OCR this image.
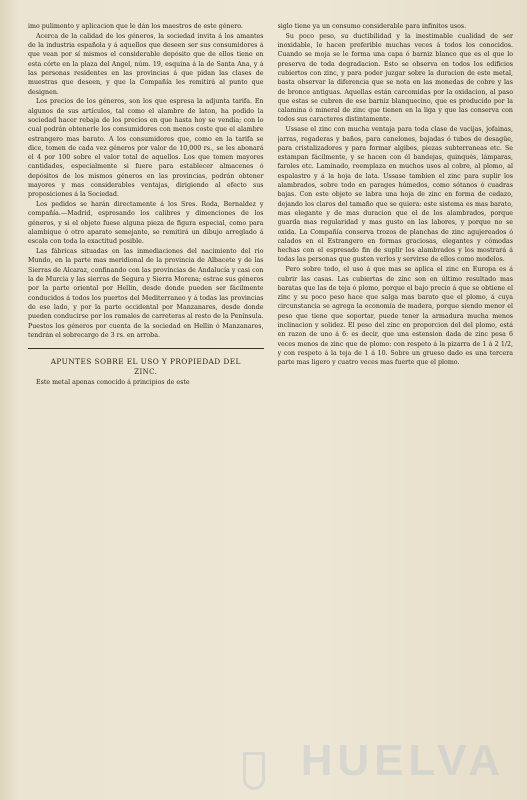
imo pulimento y aplicacion que le dán los maestros de este género.

Acerca de la calidad de los géneros, la sociedad invita á los amantes de la industria española y á aquellos que deseen ser sus consumidores á que vean por sí mismos el considerable depósito que de ellos tiene en esta córte en la plaza del Angel, núm. 19, esquina á la de Santa Ana, y á las personas residentes en las provincias á que pidan las clases de muestras que deseen, y que la Compañía les remitirá al punto que designen.

Los precios de los géneros, son los que espresa la adjunta tarifa. En algunos de sus artículos, tal como el alambre de laton, ha podido la sociedad hacer rebaja de los precios en que hasta hoy se vendía; con lo cual podrán obtenerle los consumidores con menos coste que el alambre estrangero mas barato. A los consumidores que, como en la tarifa se dice, tomen de cada vez géneros por valor de 10,000 rs., se les abonará el 4 por 100 sobre el valor total de aquellos. Los que tomen mayores cantidades, especialmente si fuere para establecer almacenes ó depósitos de los mismos géneros en las provincias, podrán obtener mayores y mas considerables ventajas, dirigiendo al efecto sus proposiciones á la Sociedad.

Los pedidos se harán directamente á los Sres. Roda, Bernaldez y compañía.—Madrid, espresando los calibres y dimenciones de los géneros, y si el objeto fuese alguna pieza de figura especial, como para alambique ó otro aparato semejante, se remitirá un dibujo arreglado á escala con toda la exactitud posible.

Las fábricas situadas en las inmediaciones del nacimiento del rio Mundo, en la parte mas meridional de la provincia de Albacete y de las Sierras de Alcaraz, confinando con las provincias de Andalucía y casi con la de Murcia y las sierras de Segura y Sierra Morena; estrae sus géneros por la parte oriental por Hellin, desde donde pueden ser fácilmente conducidos á todos los puertos del Mediterraneo y á todas las provincias de ese lado, y por la parte occidental por Manzanares, desde donde pueden conducirse por los ramales de carreteras al resto de la Península. Puestos los géneros por cuenta de la sociedad en Hellin ó Manzanares, tendrán el sobrecargo de 3 rs. en arroba.

APUNTES SOBRE EL USO Y PROPIEDAD DEL
ZINC.

Este metal apenas conocido á principios de este

siglo tiene ya un consumo considerable para infinitos usos.

Su poco peso, su ductibilidad y la inestimable cualidad de ser inoxidable, le hacen preferible muchas veces á todos los conocidos. Cuando se moja se le forma una capa ó barniz blanco que es el que lo preserva de toda degradacion. Esto se observa en todos los edificios cubiertos con zinc, y para poder juzgar sobre la duracion de este metal, basta observar la diferencia que se nota en las monedas de cobre y las de bronce antiguas. Aquellas están carcomidas por la oxidacion, al paso que estas se cubren de ese barniz blanquecino, que es producido por la calamina ó mineral de zinc que tienen en la liga y que las conserva con todos sus caracteres distintamente.

Ussase el zinc con mucha ventaja para toda clase de vacijas, jofainas, jarras, regaderas y baños, para canelones, bajadas ó tubos de desagüe, para cristalizadores y para formar algibes, piezas subterraneas etc. Se estampan fácilmente, y se hacen con él bandejas, quinqués, lámparas, faroles etc. Laminado, reemplaza en muchos usos al cobre, al plomo, al espalastro y á la hoja de lata. Ussase tambien el zinc para suplir los alambrados, sobre todo en parages húmedos, como sótanos ó cuadras bajas. Con este objeto se labra una hoja de zinc en forma de cedazo, dejando los claros del tamaño que se quiera: este sistema es mas barato, mas elegante y de mas duracion que el de los alambrados, porque guarda mas regularidad y mas gusto en las labores, y porque no se oxida. La Compañía conserva trozos de planchas de zinc agujereados ó calados en el Estrangero en formas graciosas, elegantes y cómodas hechas con el espresado fin de suplir los alambrados y los mostrará á todas las personas que gusten verlos y servirse de ellos como modelos.

Pero sobre todo, el uso á que mas se aplica el zinc en Europa es á cubrir las casas. Las cubiertas de zinc son en último resultado mas baratas que las de teja ó plomo, porque el bajo precio á que se obtiene el zinc y su poco peso hace que salga mas barato que el plomo, á cuya circunstancia se agrega la economía de madera, porque siendo menor el peso que tiene que soportar, puede tener la armadura mucha menos inclinacion y solidez. El peso del zinc en proporcion del del plomo, está en razon de uno á 6: es decir, que una estension dada de zinc pesa 6 veces menos de zinc que de plomo: con respeto á la pizarra de 1 á 2 1/2, y con respeto á la teja de 1 á 10. Sobre un grueso dado es una tercera parte mas ligero y cuatro veces mas fuerte que el plomo.

HUELVA
